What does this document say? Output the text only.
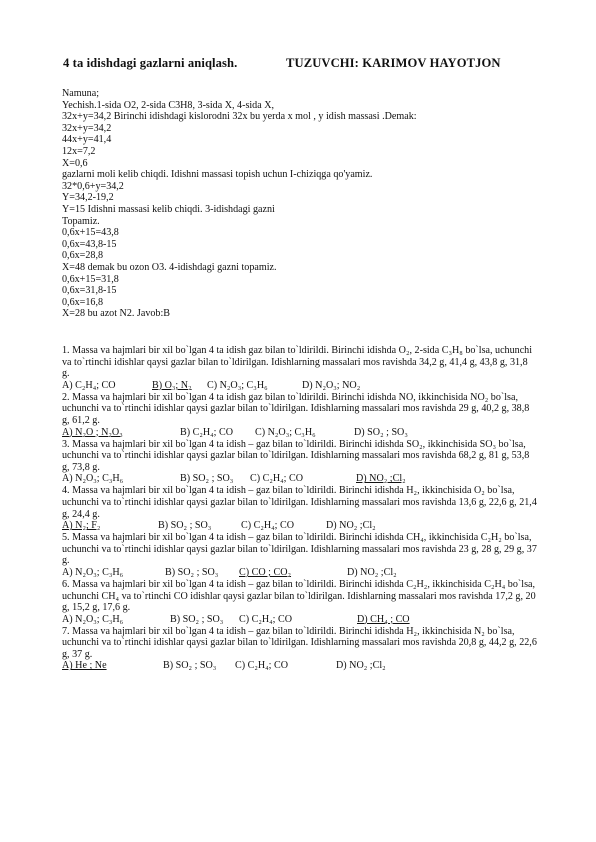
4 ta idishdagi gazlarni aniqlash.	TUZUVCHI: KARIMOV HAYOTJON
Namuna;
Yechish.1-sida O2, 2-sida C3H8, 3-sida X, 4-sida X,
32x+y=34,2 Birinchi idishdagi kislorodni 32x bu yerda x mol , y idish massasi .Demak:
32x+y=34,2
44x+y=41,4
12x=7,2
X=0,6
gazlarni moli kelib chiqdi. Idishni massasi topish uchun I-chiziqga qo'yamiz.
32*0,6+y=34,2
Y=34,2-19,2
Y=15 Idishni massasi kelib chiqdi. 3-idishdagi gazni
Topamiz.
0,6x+15=43,8
0,6x=43,8-15
0,6x=28,8
X=48 demak bu ozon O3. 4-idishdagi gazni topamiz.
0,6x+15=31,8
0,6x=31,8-15
0,6x=16,8
X=28 bu azot N2. Javob:B
1. Massa va hajmlari bir xil bo`lgan 4 ta idish gaz bilan to`ldirildi. Birinchi idishda O₂, 2-sida C₃H₈ bo`lsa, uchunchi va to`rtinchi idishlar qaysi gazlar bilan to`ldirilgan. Idishlarning massalari mos ravishda 34,2 g, 41,4 g, 43,8 g, 31,8 g.
A) C₂H₄; CO	B) O₃; N₂ C) N₂O₃; C₃H₆	D) N₂O₃; NO₂
2. Massa va hajmlari bir xil bo`lgan 4 ta idish gaz bilan to`ldirildi. Birinchi idishda NO, ikkinchisida NO₂ bo`lsa, uchunchi va to`rtinchi idishlar qaysi gazlar bilan to`ldirilgan. Idishlarning massalari mos ravishda 29 g, 40,2 g, 38,8 g, 61,2 g.
A) N₂O ; N₂O₃	B) C₂H₄; CO C) N₂O₃; C₃H₆	D) SO₂ ; SO₃
3. Massa va hajmlari bir xil bo`lgan 4 ta idish – gaz bilan to`ldirildi. Birinchi idishda SO₂, ikkinchisida SO₃ bo`lsa, uchunchi va to`rtinchi idishlar qaysi gazlar bilan to`ldirilgan. Idishlarning massalari mos ravishda 68,2 g, 81 g, 53,8 g, 73,8 g.
A) N₂O₃; C₃H₆	B) SO₂ ; SO₃ C) C₂H₄; CO	D) NO₂ ;Cl₂
4. Massa va hajmlari bir xil bo`lgan 4 ta idish – gaz bilan to`ldirildi. Birinchi idishda H₂, ikkinchisida O₂ bo`lsa, uchunchi va to`rtinchi idishlar qaysi gazlar bilan to`ldirilgan. Idishlarning massalari mos ravishda 13,6 g, 22,6 g, 21,4 g, 24,4 g.
A) N₂; F₂	B) SO₂ ; SO₃	C) C₂H₄; CO	D) NO₂ ;Cl₂
5. Massa va hajmlari bir xil bo`lgan 4 ta idish – gaz bilan to`ldirildi. Birinchi idishda CH₄, ikkinchisida C₂H₂ bo`lsa, uchunchi va to`rtinchi idishlar qaysi gazlar bilan to`ldirilgan. Idishlarning massalari mos ravishda 23 g, 28 g, 29 g, 37 g.
A) N₂O₃; C₃H₆	B) SO₂ ; SO₃ C) CO ; CO₂	D) NO₂ ;Cl₂
6. Massa va hajmlari bir xil bo`lgan 4 ta idish – gaz bilan to`ldirildi. Birinchi idishda C₂H₂, ikkinchisida C₂H₄ bo`lsa, uchunchi CH₄ va to`rtinchi CO idishlar qaysi gazlar bilan to`ldirilgan. Idishlarning massalari mos ravishda 17,2 g, 20 g, 15,2 g, 17,6 g.
A) N₂O₃; C₃H₆	B) SO₂ ; SO₃ C) C₂H₄; CO	D) CH₄ ; CO
7. Massa va hajmlari bir xil bo`lgan 4 ta idish – gaz bilan to`ldirildi. Birinchi idishda H₂, ikkinchisida N₂ bo`lsa, uchunchi va to`rtinchi idishlar qaysi gazlar bilan to`ldirilgan. Idishlarning massalari mos ravishda 20,8 g, 44,2 g, 22,6 g, 37 g.
A) He ; Ne	B) SO₂ ; SO₃ C) C₂H₄; CO	D) NO₂ ;Cl₂
